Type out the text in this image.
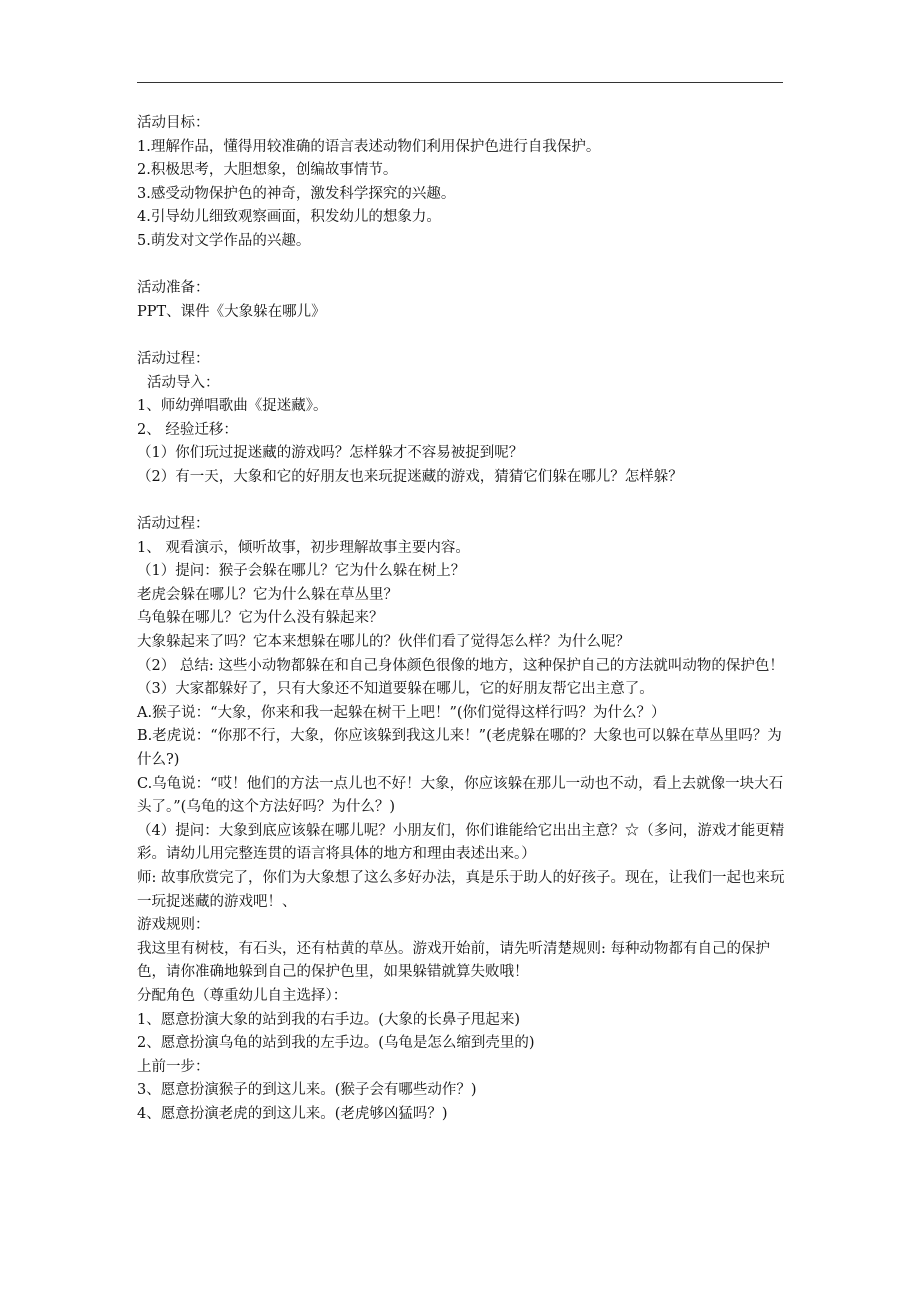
活动目标：
1.理解作品，懂得用较准确的语言表述动物们利用保护色进行自我保护。
2.积极思考，大胆想象，创编故事情节。
3.感受动物保护色的神奇，激发科学探究的兴趣。
4.引导幼儿细致观察画面，积发幼儿的想象力。
5.萌发对文学作品的兴趣。
活动准备：
PPT、课件《大象躲在哪儿》
活动过程：
活动导入：
1、师幼弹唱歌曲《捉迷藏》。
2、 经验迁移：
（1）你们玩过捉迷藏的游戏吗？怎样躲才不容易被捉到呢？
（2）有一天，大象和它的好朋友也来玩捉迷藏的游戏，猜猜它们躲在哪儿？怎样躲？
活动过程：
1、 观看演示，倾听故事，初步理解故事主要内容。
（1）提问：猴子会躲在哪儿？它为什么躲在树上？
老虎会躲在哪儿？它为什么躲在草丛里？
乌龟躲在哪儿？它为什么没有躲起来？
大象躲起来了吗？它本来想躲在哪儿的？伙伴们看了觉得怎么样？为什么呢？
（2） 总结: 这些小动物都躲在和自己身体颜色很像的地方，这种保护自己的方法就叫动物的保护色！
（3）大家都躲好了，只有大象还不知道要躲在哪儿，它的好朋友帮它出主意了。
A.猴子说：“大象，你来和我一起躲在树干上吧！”(你们觉得这样行吗？为什么？）
B.老虎说：“你那不行，大象，你应该躲到我这儿来！”(老虎躲在哪的？大象也可以躲在草丛里吗？为什么?)
C.乌龟说：“哎！他们的方法一点儿也不好！大象，你应该躲在那儿一动也不动，看上去就像一块大石头了。”(乌龟的这个方法好吗？为什么？)
（4）提问：大象到底应该躲在哪儿呢？小朋友们，你们谁能给它出出主意？☆（多问，游戏才能更精彩。请幼儿用完整连贯的语言将具体的地方和理由表述出来。）
师: 故事欣赏完了，你们为大象想了这么多好办法，真是乐于助人的好孩子。现在，让我们一起也来玩一玩捉迷藏的游戏吧！、
游戏规则：
我这里有树枝，有石头，还有枯黄的草丛。游戏开始前，请先听清楚规则: 每种动物都有自己的保护色，请你准确地躲到自己的保护色里，如果躲错就算失败哦！
分配角色（尊重幼儿自主选择）：
1、愿意扮演大象的站到我的右手边。(大象的长鼻子甩起来)
2、愿意扮演乌龟的站到我的左手边。(乌龟是怎么缩到壳里的)
上前一步：
3、愿意扮演猴子的到这儿来。(猴子会有哪些动作？)
4、愿意扮演老虎的到这儿来。(老虎够凶猛吗？)
